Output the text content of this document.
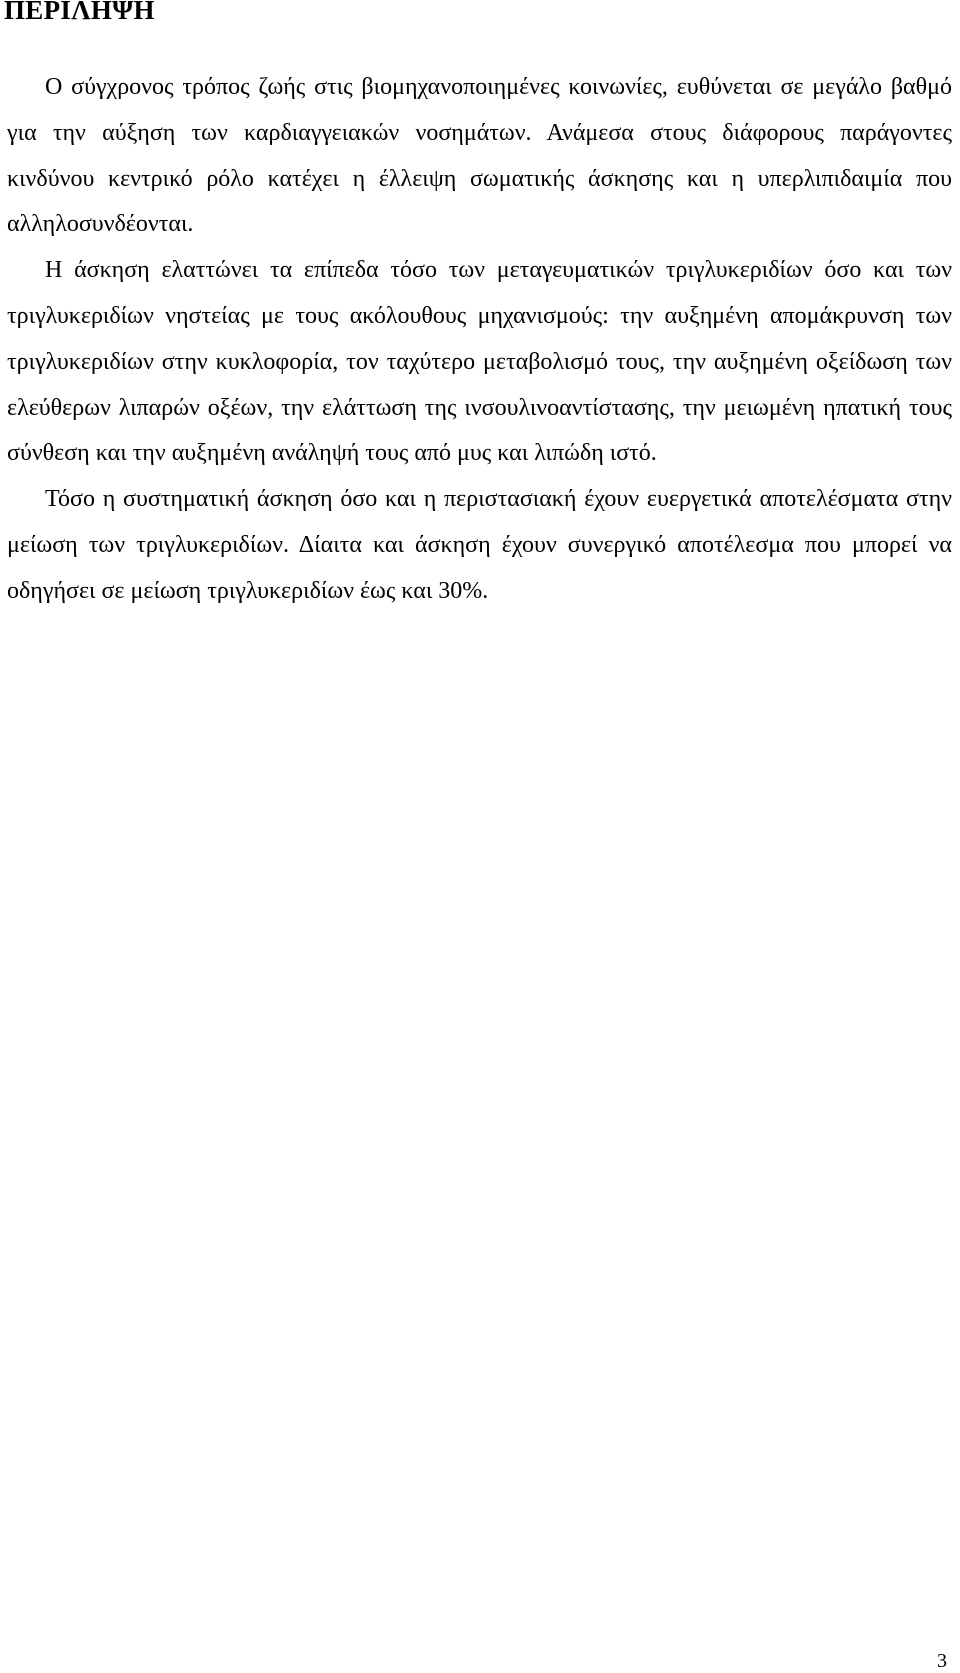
ΠΕΡΙΛΗΨΗ

Ο σύγχρονος τρόπος ζωής στις βιομηχανοποιημένες κοινωνίες, ευθύνεται σε μεγάλο βαθμό για την αύξηση των καρδιαγγειακών νοσημάτων. Ανάμεσα στους διάφορους παράγοντες κινδύνου κεντρικό ρόλο κατέχει η έλλειψη σωματικής άσκησης και η υπερλιπιδαιμία που αλληλοσυνδέονται.

Η άσκηση ελαττώνει τα επίπεδα τόσο των μεταγευματικών τριγλυκεριδίων όσο και των τριγλυκεριδίων νηστείας με τους ακόλουθους μηχανισμούς: την αυξημένη απομάκρυνση των τριγλυκεριδίων στην κυκλοφορία, τον ταχύτερο μεταβολισμό τους, την αυξημένη οξείδωση των ελεύθερων λιπαρών οξέων, την ελάττωση της ινσουλινοαντίστασης, την μειωμένη ηπατική τους σύνθεση και την αυξημένη ανάληψή τους από μυς και λιπώδη ιστό.

Τόσο η συστηματική άσκηση όσο και η περιστασιακή έχουν ευεργετικά αποτελέσματα στην μείωση των τριγλυκεριδίων. Δίαιτα και άσκηση έχουν συνεργικό αποτέλεσμα που μπορεί να οδηγήσει σε μείωση τριγλυκεριδίων έως και 30%.

3
